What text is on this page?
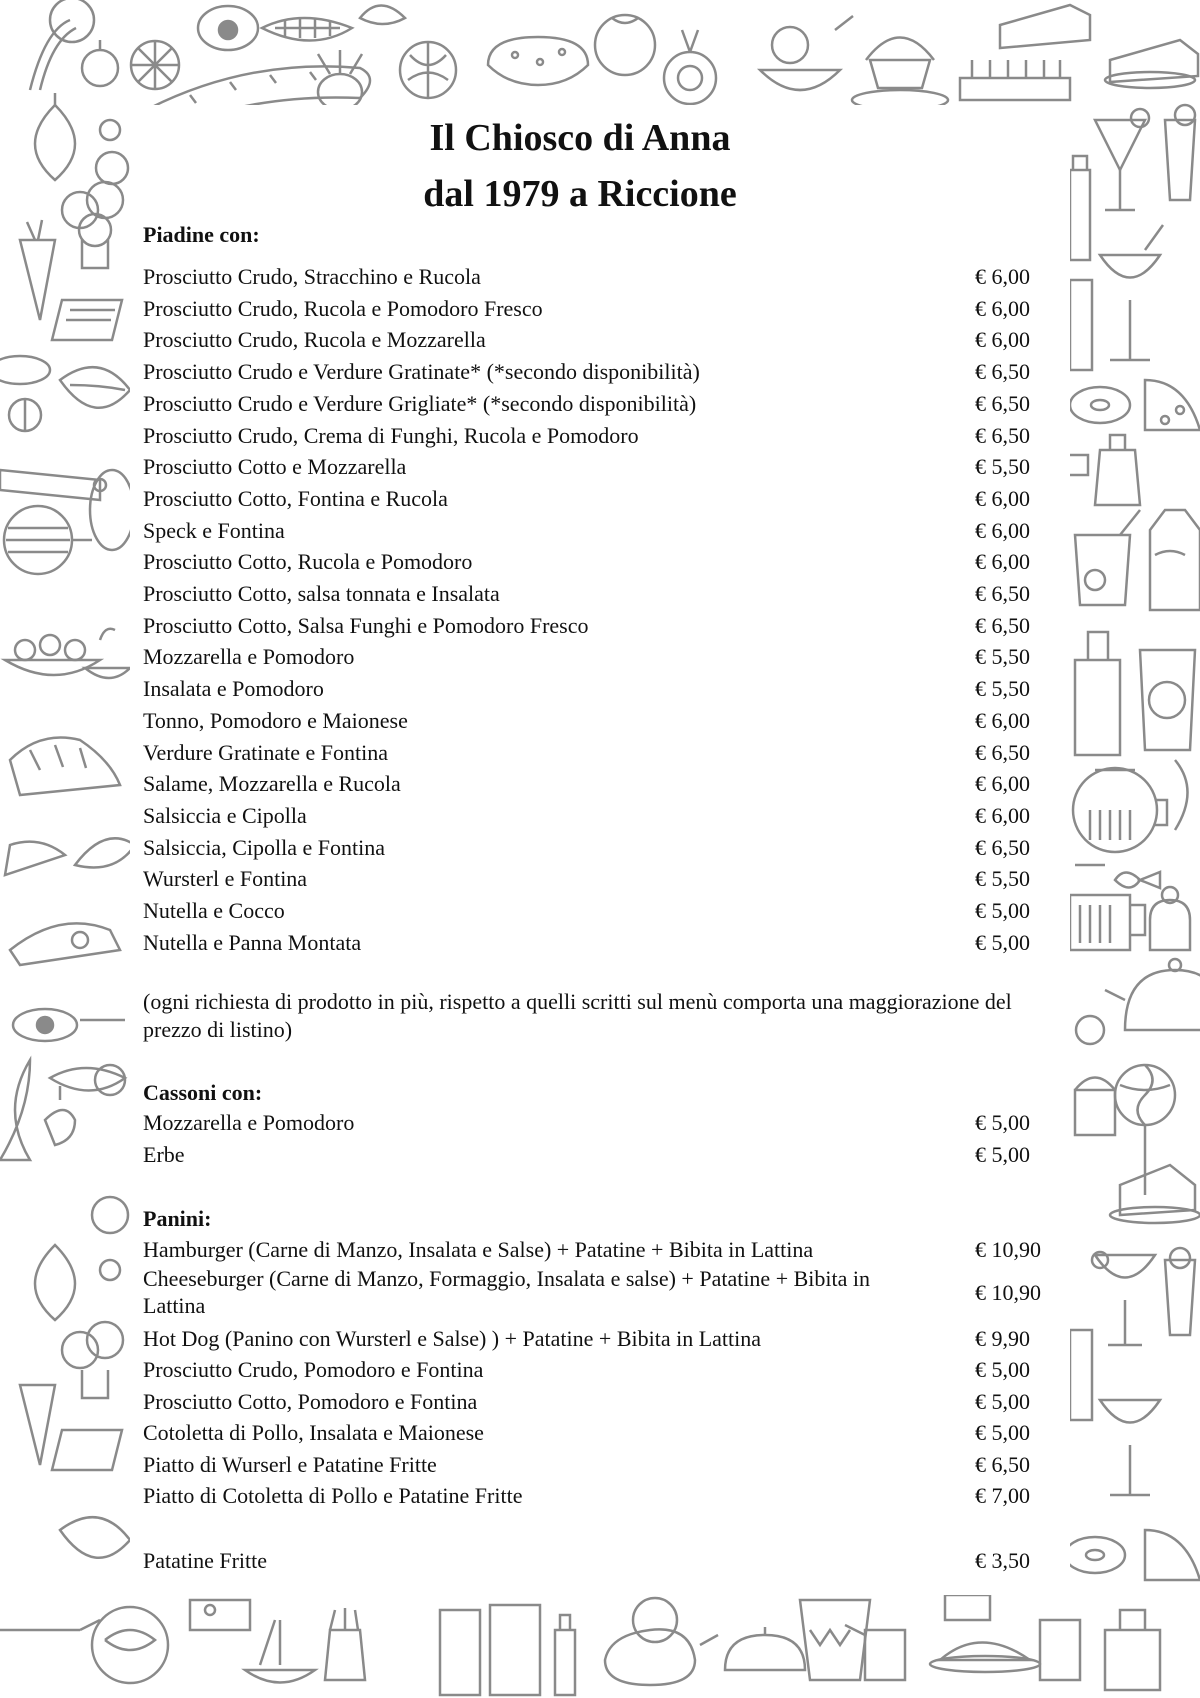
Il Chiosco di Anna
dal 1979 a Riccione
Piadine con:
Prosciutto Crudo, Stracchino e Rucola	€ 6,00
Prosciutto Crudo, Rucola e Pomodoro Fresco	€ 6,00
Prosciutto Crudo, Rucola e Mozzarella	€ 6,00
Prosciutto Crudo e Verdure Gratinate* (*secondo disponibilità)	€ 6,50
Prosciutto Crudo e Verdure Grigliate* (*secondo disponibilità)	€ 6,50
Prosciutto Crudo, Crema di Funghi, Rucola e Pomodoro	€ 6,50
Prosciutto Cotto e Mozzarella	€ 5,50
Prosciutto Cotto, Fontina e Rucola	€ 6,00
Speck e Fontina	€ 6,00
Prosciutto Cotto, Rucola e Pomodoro	€ 6,00
Prosciutto Cotto, salsa tonnata e Insalata	€ 6,50
Prosciutto Cotto, Salsa Funghi e Pomodoro Fresco	€ 6,50
Mozzarella e Pomodoro	€ 5,50
Insalata e Pomodoro	€ 5,50
Tonno, Pomodoro e Maionese	€ 6,00
Verdure Gratinate e Fontina	€ 6,50
Salame, Mozzarella e Rucola	€ 6,00
Salsiccia e Cipolla	€ 6,00
Salsiccia, Cipolla e Fontina	€ 6,50
Wursterl e Fontina	€ 5,50
Nutella e Cocco	€ 5,00
Nutella e Panna Montata	€ 5,00
(ogni richiesta di prodotto in più, rispetto a quelli scritti sul menù comporta una maggiorazione del prezzo di listino)
Cassoni con:
Mozzarella e Pomodoro	€ 5,00
Erbe	€ 5,00
Panini:
Hamburger (Carne di Manzo, Insalata e Salse) + Patatine + Bibita in Lattina	€ 10,90
Cheeseburger (Carne di Manzo, Formaggio, Insalata e salse) + Patatine + Bibita in Lattina
€ 10,90
Hot Dog (Panino con Wursterl e Salse) ) + Patatine + Bibita in Lattina	€ 9,90
Prosciutto Crudo, Pomodoro e Fontina	€ 5,00
Prosciutto Cotto, Pomodoro e Fontina	€ 5,00
Cotoletta di Pollo, Insalata e Maionese	€ 5,00
Piatto di Wurserl e Patatine Fritte	€ 6,50
Piatto di Cotoletta di Pollo e Patatine Fritte	€ 7,00
Patatine Fritte	€ 3,50
